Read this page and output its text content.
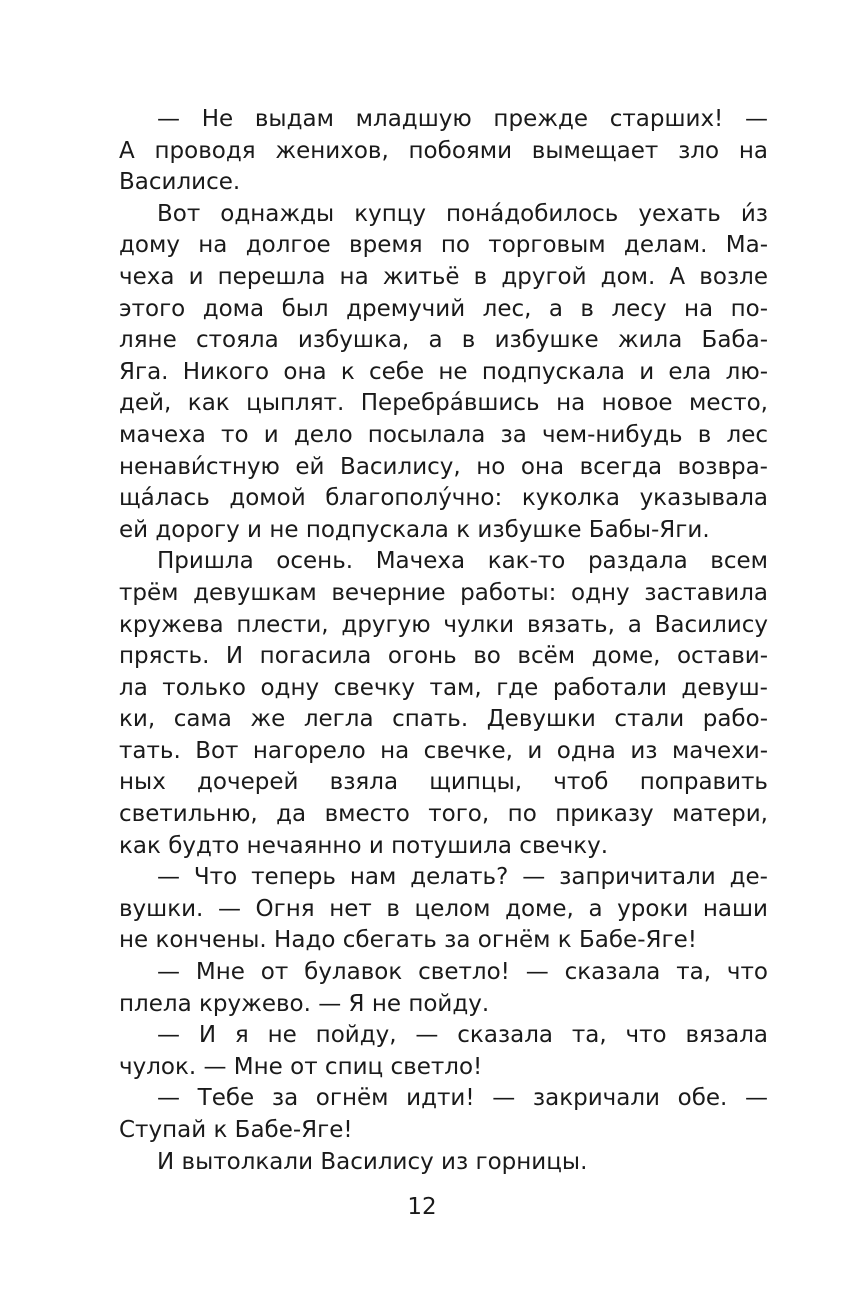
— Не выдам младшую прежде старших! —
А проводя женихов, побоями вымещает зло на
Василисе.
Вот однажды купцу понáдобилось уехать и́з
дому на долгое время по торговым делам. Ма-
чеха и перешла на житьё в другой дом. А возле
этого дома был дремучий лес, а в лесу на по-
ляне стояла избушка, а в избушке жила Баба-
Яга. Никого она к себе не подпускала и ела лю-
дей, как цыплят. Перебрáвшись на новое место,
мачеха то и дело посылала за чем-нибудь в лес
ненави́стную ей Василису, но она всегда возвра-
щáлась домой благополу́чно: куколка указывала
ей дорогу и не подпускала к избушке Бабы-Яги.
Пришла осень. Мачеха как-то раздала всем
трём девушкам вечерние работы: одну заставила
кружева плести, другую чулки вязать, а Василису
прясть. И погасила огонь во всём доме, остави-
ла только одну свечку там, где работали девуш-
ки, сама же легла спать. Девушки стали рабо-
тать. Вот нагорело на свечке, и одна из мачехи-
ных дочерей взяла щипцы, чтоб поправить
светильню, да вместо того, по приказу матери,
как будто нечаянно и потушила свечку.
— Что теперь нам делать? — запричитали де-
вушки. — Огня нет в целом доме, а уроки наши
не кончены. Надо сбегать за огнём к Бабе-Яге!
— Мне от булавок светло! — сказала та, что
плела кружево. — Я не пойду.
— И я не пойду, — сказала та, что вязала
чулок. — Мне от спиц светло!
— Тебе за огнём идти! — закричали обе. —
Ступай к Бабе-Яге!
И вытолкали Василису из горницы.
12
